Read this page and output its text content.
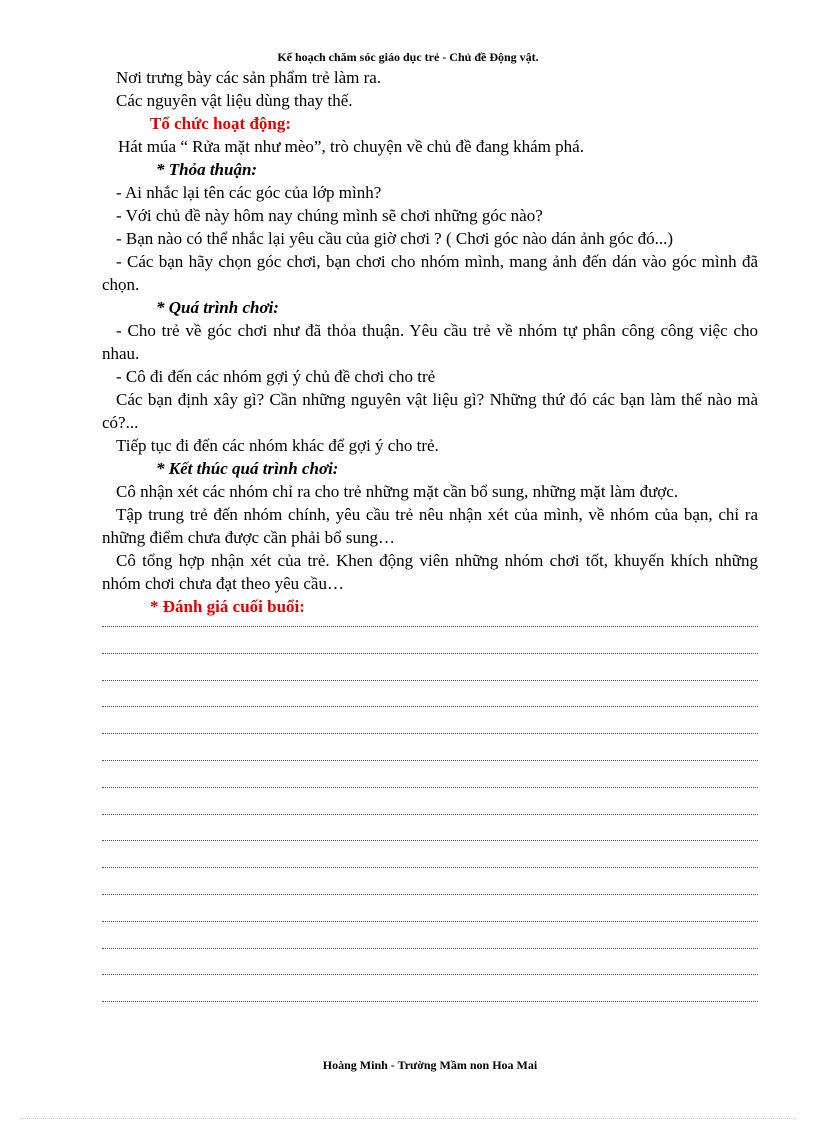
Kế hoạch chăm sóc giáo dục trẻ - Chủ đề Động vật.

Nơi trưng bày các sản phẩm trẻ làm ra.

Các nguyên vật liệu dùng thay thế.

Tổ chức hoạt động:

Hát múa “ Rửa mặt như mèo”, trò chuyện về chủ đề đang khám phá.

* Thỏa thuận:

- Ai nhắc lại tên các góc của lớp mình?

- Với chủ đề này hôm nay chúng mình sẽ chơi những góc nào?

- Bạn nào có thể nhắc lại yêu cầu của giờ chơi ? ( Chơi góc nào dán ảnh góc đó...)

- Các bạn hãy chọn góc chơi, bạn chơi cho nhóm mình, mang ảnh đến dán vào góc mình đã chọn.

* Quá trình chơi:

- Cho trẻ về góc chơi như đã thỏa thuận. Yêu cầu trẻ về nhóm tự phân công công việc cho nhau.

- Cô đi đến các nhóm gợi ý chủ đề chơi cho trẻ

Các bạn định xây gì? Cần những nguyên vật liệu gì? Những thứ đó các bạn làm thế nào mà có?...

Tiếp tục đi đến các nhóm khác để gợi ý cho trẻ.

* Kết thúc quá trình chơi:

Cô nhận xét các nhóm chỉ ra cho trẻ những mặt cần bổ sung, những mặt làm được.

Tập trung trẻ đến nhóm chính, yêu cầu trẻ nêu nhận xét của mình, về nhóm của bạn, chỉ ra những điểm chưa được cần phải bổ sung…

Cô tổng hợp nhận xét của trẻ. Khen động viên những nhóm chơi tốt, khuyến khích những nhóm chơi chưa đạt theo yêu cầu…

* Đánh giá cuối buổi:

Hoàng Minh - Trường Mầm non Hoa Mai
